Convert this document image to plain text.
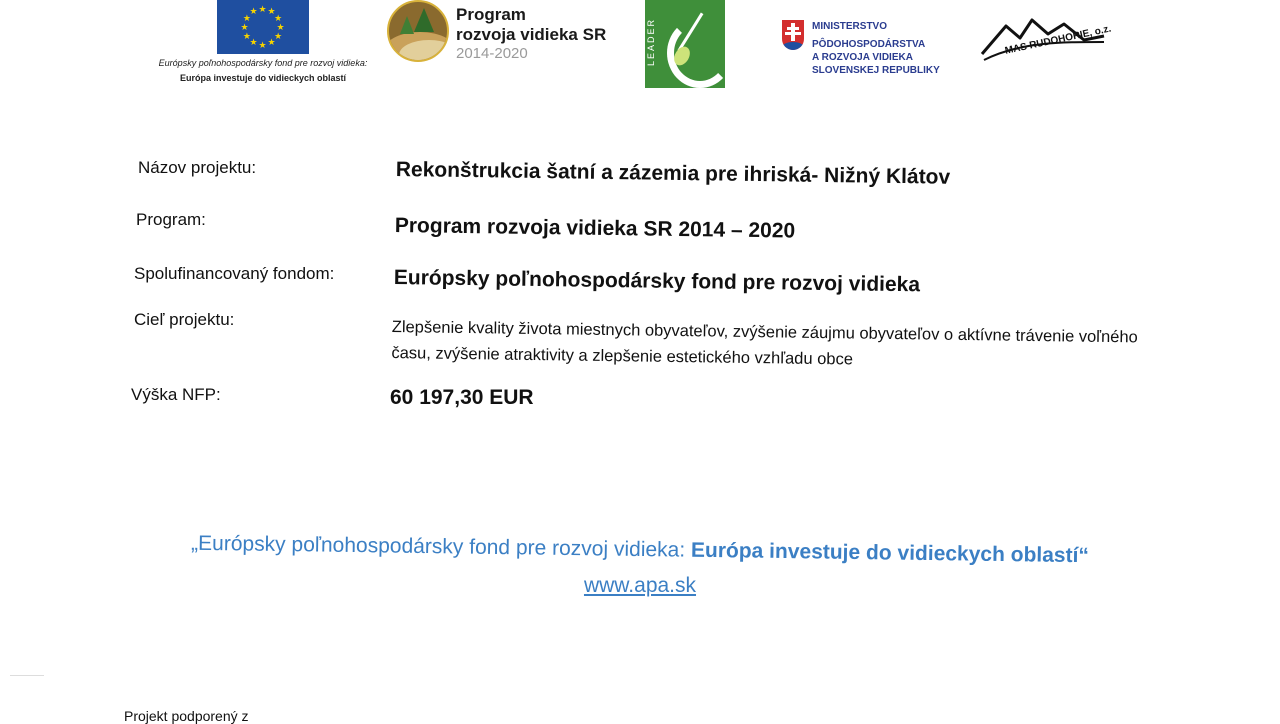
★ ★
★
★
★
★
★
★
★
★
★
★
Európsky poľnohospodársky fond pre rozvoj vidieka:
Európa investuje do vidieckych oblastí
Program
rozvoja vidieka SR
2014-2020	LEADER	MINISTERSTVO
PÔDOHOSPODÁRSTVA
A ROZVOJA VIDIEKA
SLOVENSKEJ REPUBLIKY
MAS RUDOHORIE, o.z.
Názov projektu:	Rekonštrukcia šatní a zázemia pre ihriská- Nižný Klátov
Program:	Program rozvoja vidieka SR 2014 – 2020
Spolufinancovaný fondom:	Európsky poľnohospodársky fond pre rozvoj vidieka
Cieľ projektu:	Zlepšenie kvality života miestnych obyvateľov, zvýšenie záujmu obyvateľov o aktívne trávenie voľného času, zvýšenie atraktivity a zlepšenie estetického vzhľadu obce
Výška NFP:	60 197,30 EUR
„Európsky poľnohospodársky fond pre rozvoj vidieka: Európa investuje do vidieckych oblastí“
www.apa.sk
Projekt podporený z
